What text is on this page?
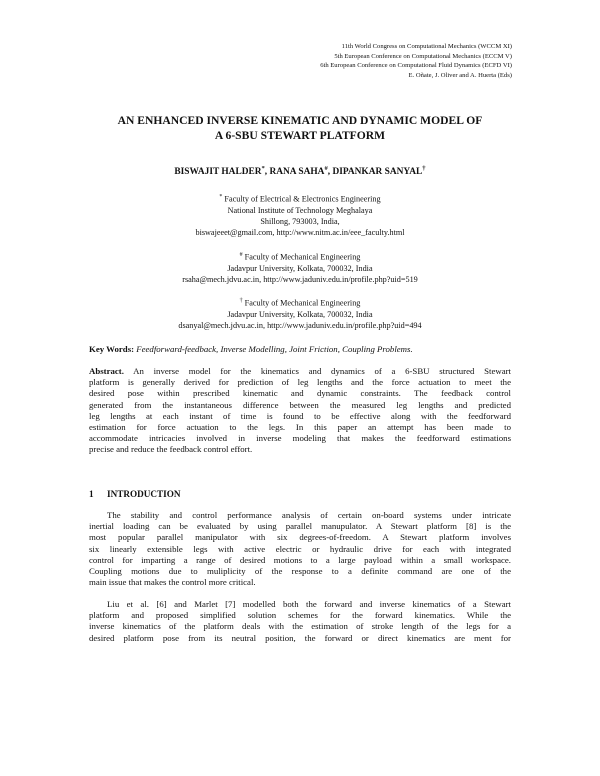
11th World Congress on Computational Mechanics (WCCM XI)
5th European Conference on Computational Mechanics (ECCM V)
6th European Conference on Computational Fluid Dynamics (ECFD VI)
E. Oñate, J. Oliver and A. Huerta (Eds)
AN ENHANCED INVERSE KINEMATIC AND DYNAMIC MODEL OF
A 6-SBU STEWART PLATFORM
BISWAJIT HALDER*, RANA SAHA#, DIPANKAR SANYAL†
* Faculty of Electrical & Electronics Engineering
National Institute of Technology Meghalaya
Shillong, 793003, India,
biswajeeet@gmail.com, http://www.nitm.ac.in/eee_faculty.html
# Faculty of Mechanical Engineering
Jadavpur University, Kolkata, 700032, India
rsaha@mech.jdvu.ac.in, http://www.jaduniv.edu.in/profile.php?uid=519
† Faculty of Mechanical Engineering
Jadavpur University, Kolkata, 700032, India
dsanyal@mech.jdvu.ac.in, http://www.jaduniv.edu.in/profile.php?uid=494
Key Words: Feedforward-feedback, Inverse Modelling, Joint Friction, Coupling Problems.
Abstract. An inverse model for the kinematics and dynamics of a 6-SBU structured Stewart
platform is generally derived for prediction of leg lengths and the force actuation to meet the
desired pose within prescribed kinematic and dynamic constraints. The feedback control
generated from the instantaneous difference between the measured leg lengths and predicted
leg lengths at each instant of time is found to be effective along with the feedforward
estimation for force actuation to the legs. In this paper an attempt has been made to
accommodate intricacies involved in inverse modeling that makes the feedforward estimations
precise and reduce the feedback control effort.
1 INTRODUCTION
The stability and control performance analysis of certain on-board systems under intricate
inertial loading can be evaluated by using parallel manupulator. A Stewart platform [8] is the
most popular parallel manipulator with six degrees-of-freedom. A Stewart platform involves
six linearly extensible legs with active electric or hydraulic drive for each with integrated
control for imparting a range of desired motions to a large payload within a small workspace.
Coupling motions due to muliplicity of the response to a definite command are one of the
main issue that makes the control more critical.
Liu et al. [6] and Marlet [7] modelled both the forward and inverse kinematics of a Stewart
platform and proposed simplified solution schemes for the forward kinematics. While the
inverse kinematics of the platform deals with the estimation of stroke length of the legs for a
desired platform pose from its neutral position, the forward or direct kinematics are ment for
